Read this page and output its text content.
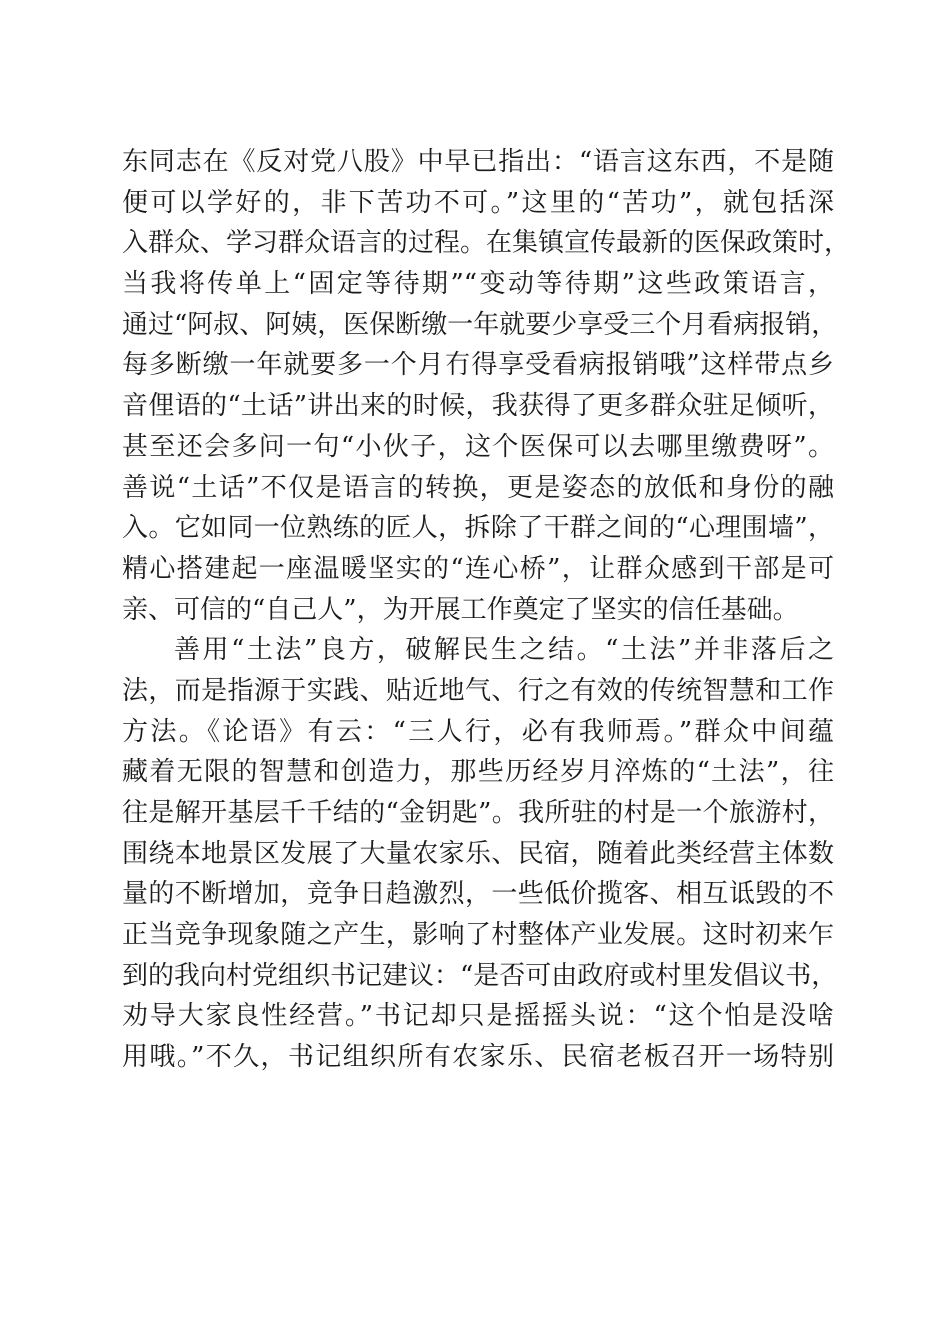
东同志在《反对党八股》中早已指出：“语言这东西，不是随
便可以学好的，非下苦功不可。”这里的“苦功”，就包括深
入群众、学习群众语言的过程。在集镇宣传最新的医保政策时，
当我将传单上“固定等待期”“变动等待期”这些政策语言，
通过“阿叔、阿姨，医保断缴一年就要少享受三个月看病报销，
每多断缴一年就要多一个月冇得享受看病报销哦”这样带点乡
音俚语的“土话”讲出来的时候，我获得了更多群众驻足倾听，
甚至还会多问一句“小伙子，这个医保可以去哪里缴费呀”。
善说“土话”不仅是语言的转换，更是姿态的放低和身份的融
入。它如同一位熟练的匠人，拆除了干群之间的“心理围墙”，
精心搭建起一座温暖坚实的“连心桥”，让群众感到干部是可
亲、可信的“自己人”，为开展工作奠定了坚实的信任基础。
善用“土法”良方，破解民生之结。“土法”并非落后之
法，而是指源于实践、贴近地气、行之有效的传统智慧和工作
方法。《论语》有云：“三人行，必有我师焉。”群众中间蕴
藏着无限的智慧和创造力，那些历经岁月淬炼的“土法”，往
往是解开基层千千结的“金钥匙”。我所驻的村是一个旅游村，
围绕本地景区发展了大量农家乐、民宿，随着此类经营主体数
量的不断增加，竞争日趋激烈，一些低价揽客、相互诋毁的不
正当竞争现象随之产生，影响了村整体产业发展。这时初来乍
到的我向村党组织书记建议：“是否可由政府或村里发倡议书，
劝导大家良性经营。”书记却只是摇摇头说：“这个怕是没啥
用哦。”不久，书记组织所有农家乐、民宿老板召开一场特别
